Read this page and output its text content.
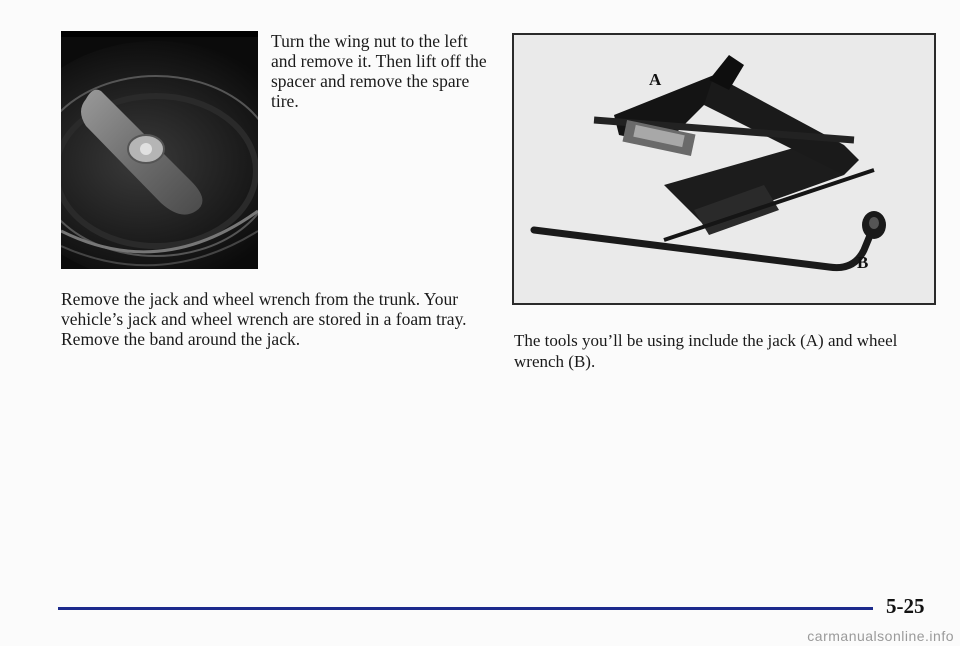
Turn the wing nut to the left and remove it. Then lift off the spacer and remove the spare tire.
Remove the jack and wheel wrench from the trunk. Your vehicle’s jack and wheel wrench are stored in a foam tray. Remove the band around the jack.
A
B
The tools you’ll be using include the jack (A) and wheel wrench (B).
5-25
carmanualsonline.info
